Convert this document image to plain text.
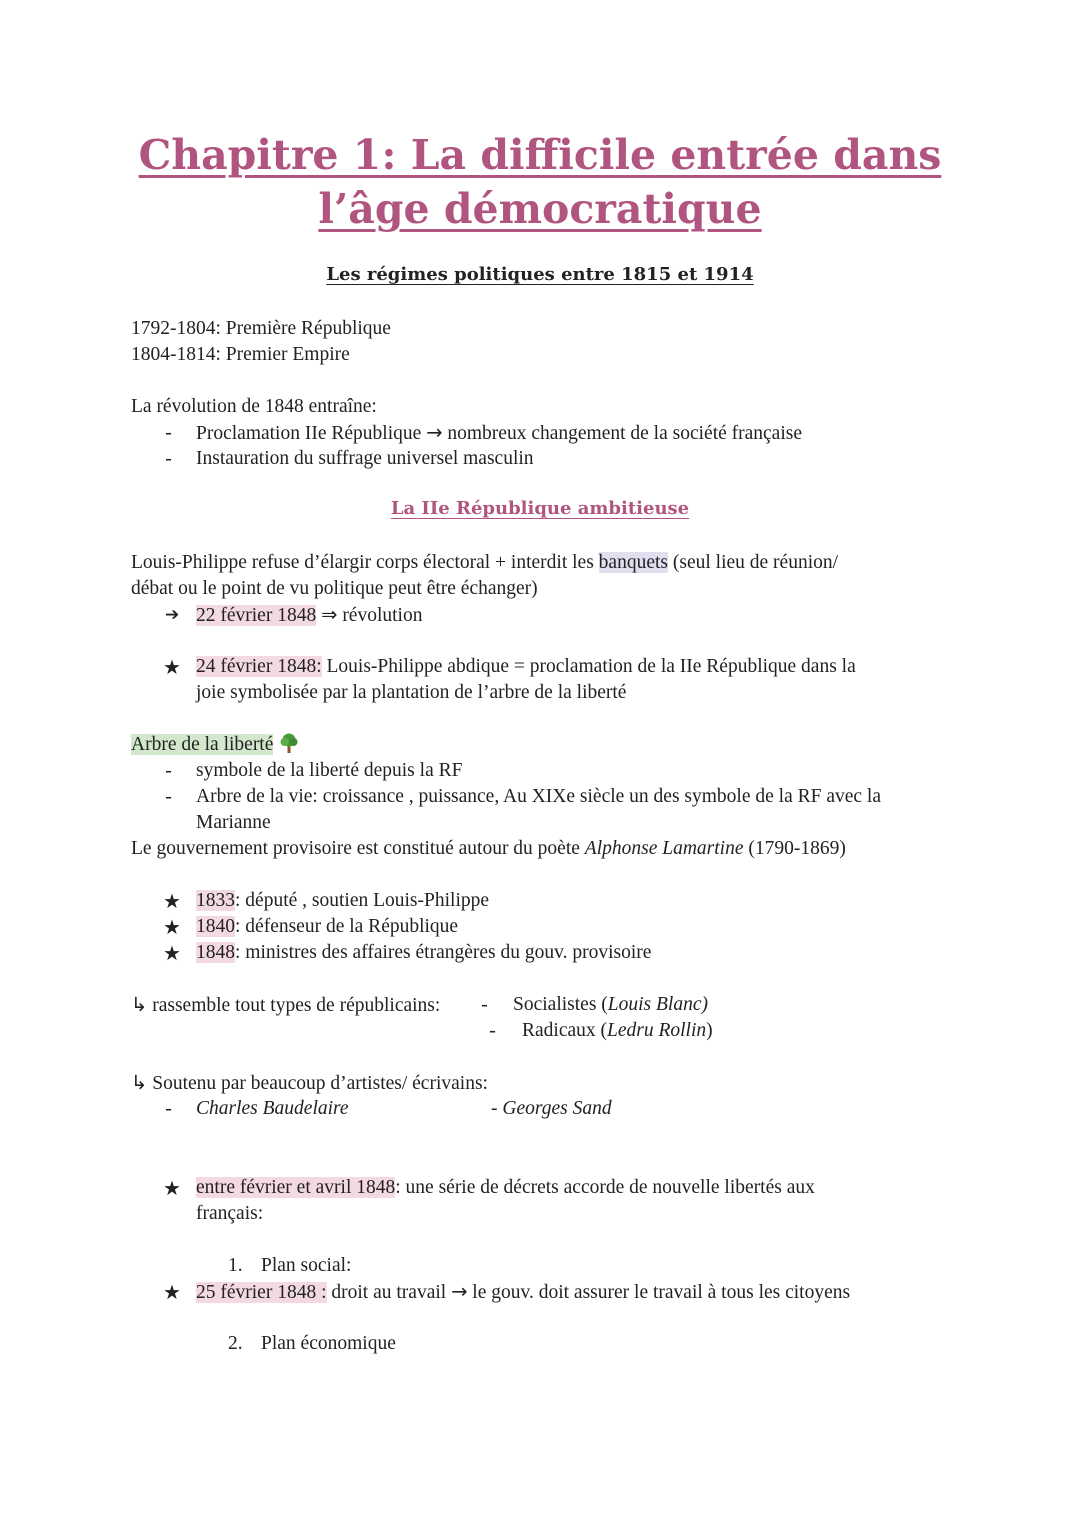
Chapitre 1: La difficile entrée dans
l’âge démocratique
Les régimes politiques entre 1815 et 1914
1792-1804: Première République
1804-1814: Premier Empire
La révolution de 1848 entraîne:
- Proclamation IIe République → nombreux changement de la société française
- Instauration du suffrage universel masculin
La IIe République ambitieuse
Louis-Philippe refuse d’élargir corps électoral + interdit les banquets (seul lieu de réunion/
débat ou le point de vu politique peut être échanger)
➔ 22 février 1848 ⇒ révolution
★ 24 février 1848: Louis-Philippe abdique = proclamation de la IIe République dans la
joie symbolisée par la plantation de l’arbre de la liberté
Arbre de la liberté
- symbole de la liberté depuis la RF
- Arbre de la vie: croissance , puissance, Au XIXe siècle un des symbole de la RF avec la
Marianne
Le gouvernement provisoire est constitué autour du poète Alphonse Lamartine (1790-1869)
★ 1833: député , soutien Louis-Philippe
★ 1840: défenseur de la République
★ 1848: ministres des affaires étrangères du gouv. provisoire
↳ rassemble tout types de républicains: - Socialistes (Louis Blanc)
- Radicaux (Ledru Rollin)
↳ Soutenu par beaucoup d’artistes/ écrivains:
- Charles Baudelaire	- Georges Sand
★ entre février et avril 1848: une série de décrets accorde de nouvelle libertés aux
français:
1. Plan social:
★ 25 février 1848 : droit au travail → le gouv. doit assurer le travail à tous les citoyens
2. Plan économique
